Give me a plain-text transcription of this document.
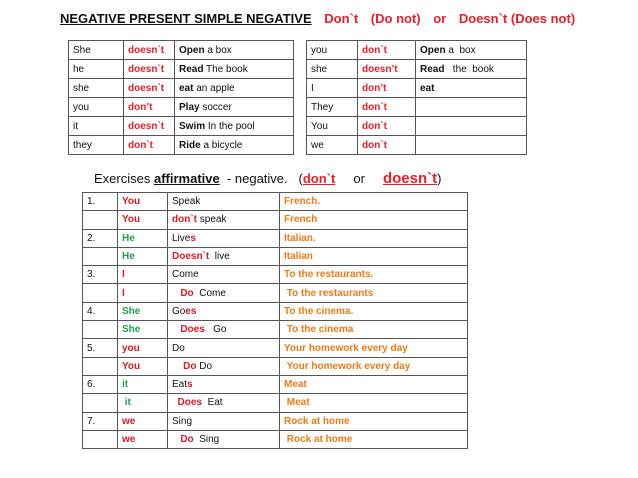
NEGATIVE PRESENT SIMPLE NEGATIVE Don`t (Do not) or Doesn`t (Does not)
She	doesn`t	Open a box
he	doesn`t	Read The book
she	doesn`t	eat an apple
you	don’t	Play soccer
it	doesn`t	Swim In the pool
they	don`t	Ride a bicycle
you	don`t	Open a  box
she	doesn’t	Read   the  book
I	don’t	eat
They	don`t	
You	don`t	
we	don`t	
Exercises affirmative  - negative.   (don`t     or     doesn`t)
1.	You	Speak	French.
	You	don`t speak	French
2.	He	Lives	Italian.
	He	Doesn`t  live	Italian
3.	I	Come	To the restaurants.
	I	Do  Come	To the restaurants
4.	She	Goes	To the cinema.
	She	Does   Go	To the cinema
5.	you	Do	Your homework every day
	You	Do Do	Your homework every day
6.	it	Eats	Meat
	it	Does  Eat	Meat
7.	we	Sing	Rock at home
	we	Do  Sing	Rock at home
